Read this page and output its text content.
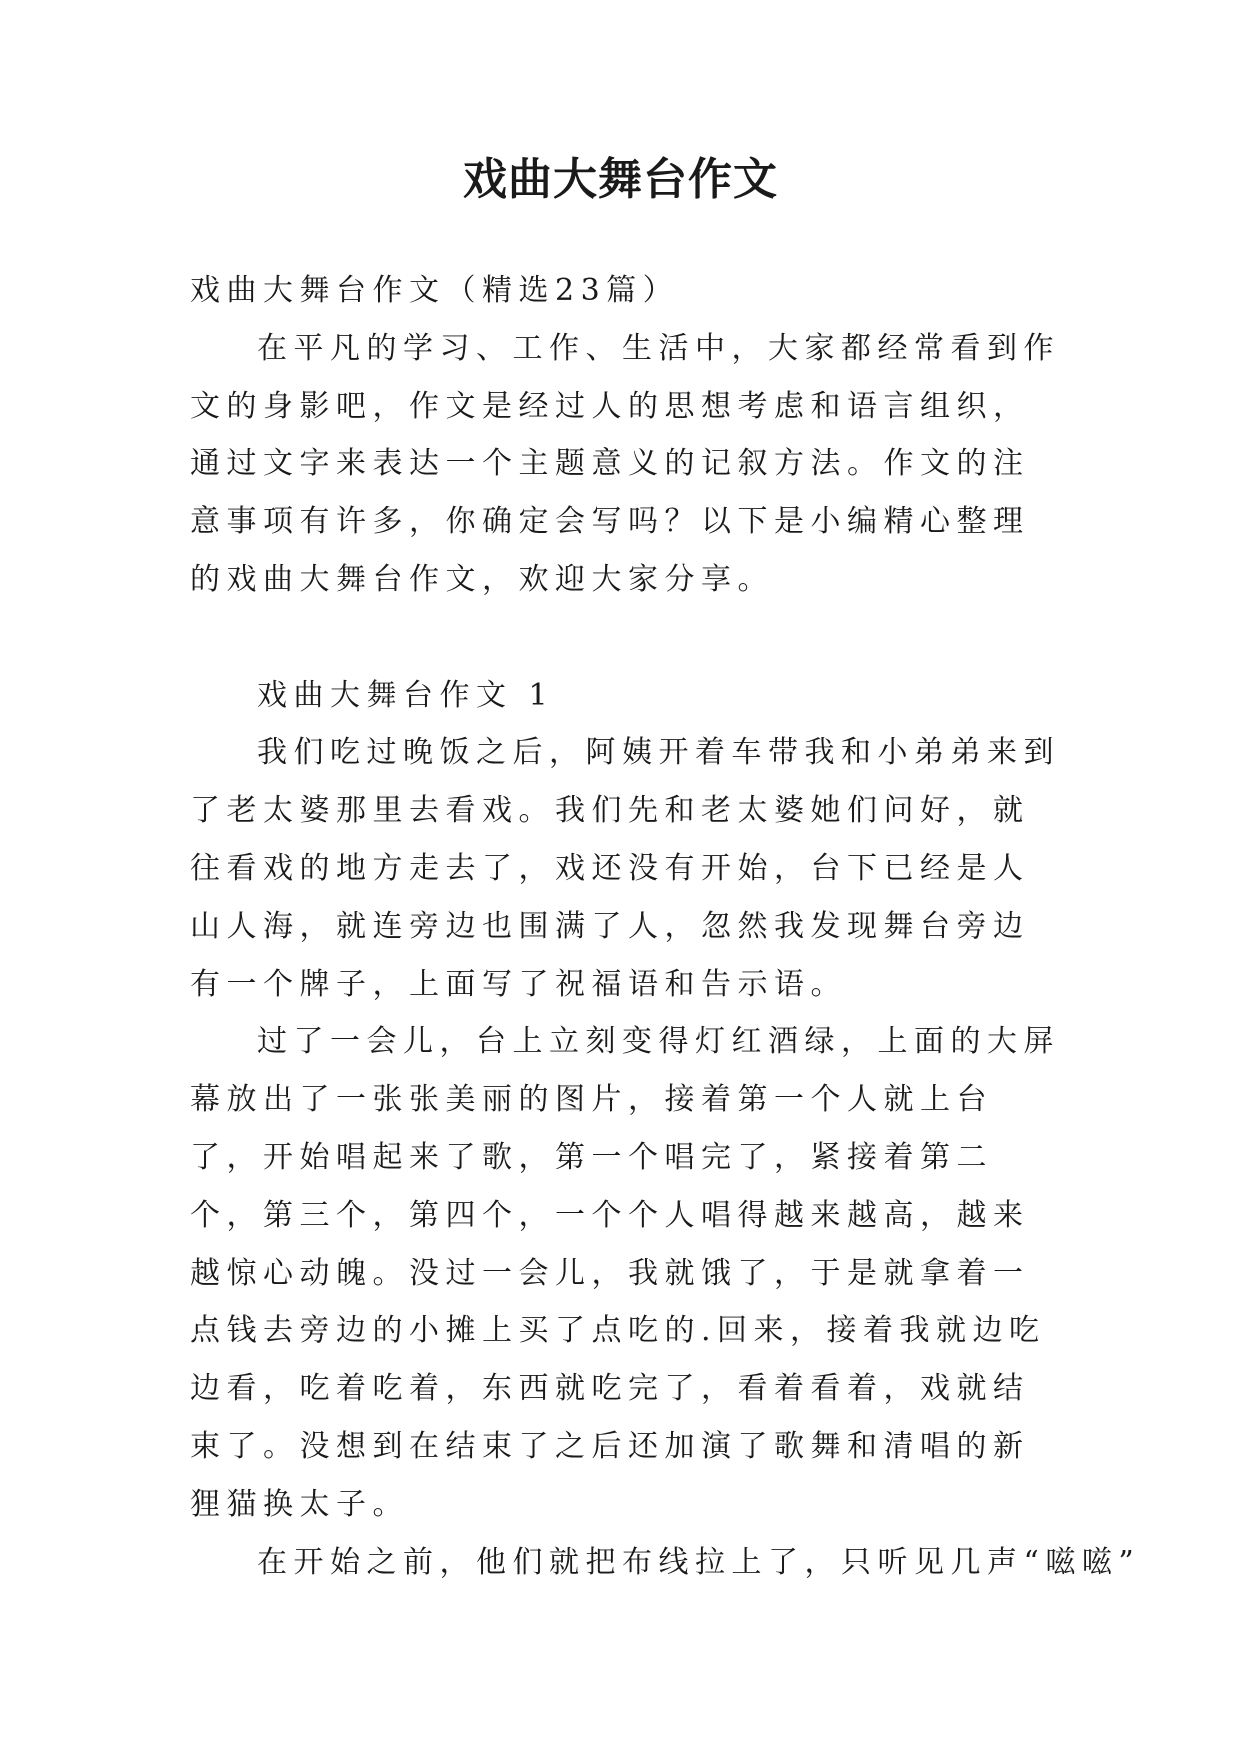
戏曲大舞台作文

戏曲大舞台作文（精选23篇）

在平凡的学习、工作、生活中，大家都经常看到作文的身影吧，作文是经过人的思想考虑和语言组织，通过文字来表达一个主题意义的记叙方法。作文的注意事项有许多，你确定会写吗？以下是小编精心整理的戏曲大舞台作文，欢迎大家分享。

戏曲大舞台作文 1

我们吃过晚饭之后，阿姨开着车带我和小弟弟来到了老太婆那里去看戏。我们先和老太婆她们问好，就往看戏的地方走去了，戏还没有开始，台下已经是人山人海，就连旁边也围满了人，忽然我发现舞台旁边有一个牌子，上面写了祝福语和告示语。

过了一会儿，台上立刻变得灯红酒绿，上面的大屏幕放出了一张张美丽的图片，接着第一个人就上台了，开始唱起来了歌，第一个唱完了，紧接着第二个，第三个，第四个，一个个人唱得越来越高，越来越惊心动魄。没过一会儿，我就饿了，于是就拿着一点钱去旁边的小摊上买了点吃的.回来，接着我就边吃边看，吃着吃着，东西就吃完了，看着看着，戏就结束了。没想到在结束了之后还加演了歌舞和清唱的新狸猫换太子。

在开始之前，他们就把布线拉上了，只听见几声“嗞嗞”
